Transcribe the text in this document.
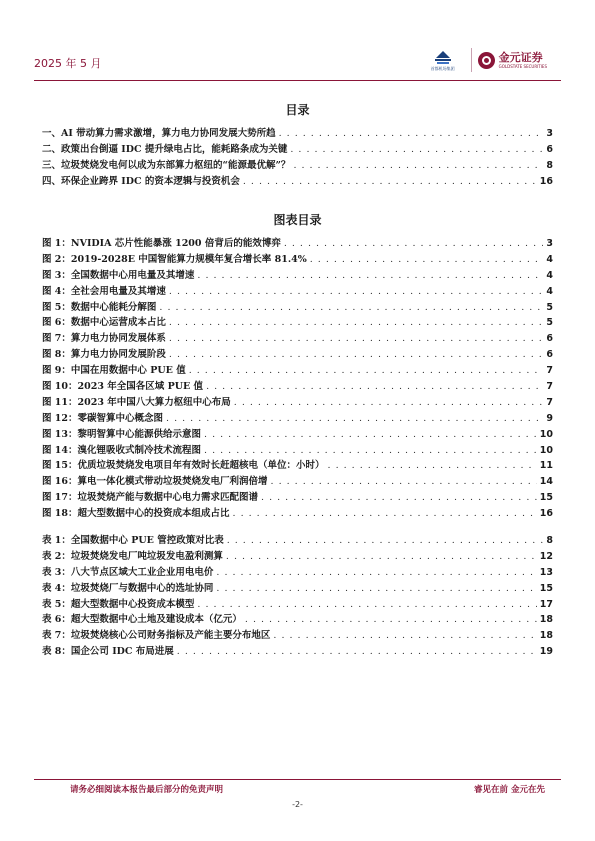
2025 年 5 月	首都机场集团
金元证券
GOLDSTATE SECURITIES
目录
一、AI 带动算力需求激增，算力电力协同发展大势所趋 . . .	3
二、政策出台倒逼 IDC 提升绿电占比，能耗路条成为关键 . . .	6
三、垃圾焚烧发电何以成为东部算力枢纽的“能源最优解”？ . . .	8
四、环保企业跨界 IDC 的资本逻辑与投资机会 . . .	16
图表目录
图 1：NVIDIA 芯片性能暴涨 1200 倍背后的能效博弈 . . .	3
图 2：2019-2028E 中国智能算力规模年复合增长率 81.4% . . .	4
图 3：全国数据中心用电量及其增速 . . .	4
图 4：全社会用电量及其增速 . . .	4
图 5：数据中心能耗分解图 . . .	5
图 6：数据中心运营成本占比 . . .	5
图 7：算力电力协同发展体系 . . .	6
图 8：算力电力协同发展阶段 . . .	6
图 9：中国在用数据中心 PUE 值 . . .	7
图 10：2023 年全国各区域 PUE 值 . . .	7
图 11：2023 年中国八大算力枢纽中心布局 . . .	7
图 12：零碳智算中心概念图 . . .	9
图 13：黎明智算中心能源供给示意图 . . .	10
图 14：溴化锂吸收式制冷技术流程图 . . .	10
图 15：优质垃圾焚烧发电项目年有效时长赶超核电（单位：小时） . . .	11
图 16：算电一体化模式带动垃圾焚烧发电厂利润倍增 . . .	14
图 17：垃圾焚烧产能与数据中心电力需求匹配图谱 . . .	15
图 18：超大型数据中心的投资成本组成占比 . . .	16
表 1：全国数据中心 PUE 管控政策对比表 . . .	8
表 2：垃圾焚烧发电厂吨垃圾发电盈利测算 . . .	12
表 3：八大节点区域大工业企业用电电价 . . .	13
表 4：垃圾焚烧厂与数据中心的选址协同 . . .	15
表 5：超大型数据中心投资成本模型 . . .	17
表 6：超大型数据中心土地及建设成本（亿元） . . .	18
表 7：垃圾焚烧核心公司财务指标及产能主要分布地区 . . .	18
表 8：国企公司 IDC 布局进展 . . .	19
请务必细阅读本报告最后部分的免责声明	睿见在前 金元在先
-2-
